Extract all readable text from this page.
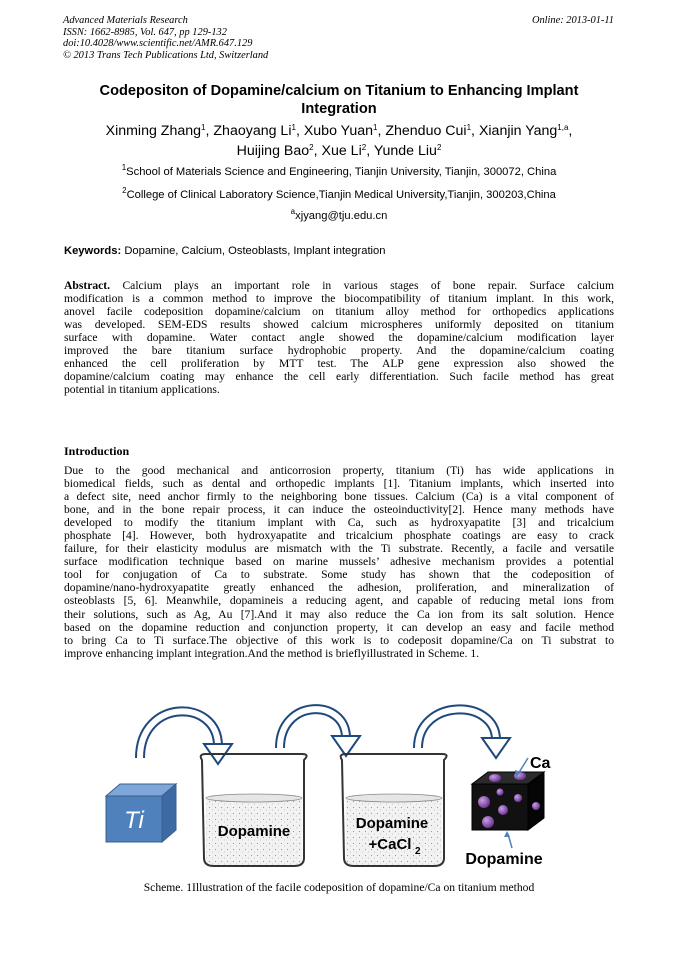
Advanced Materials Research
ISSN: 1662-8985, Vol. 647, pp 129-132
doi:10.4028/www.scientific.net/AMR.647.129
© 2013 Trans Tech Publications Ltd, Switzerland
Online: 2013-01-11
Codepositon of Dopamine/calcium on Titanium to Enhancing Implant
Integration
Xinming Zhang$^1$, Zhaoyang Li$^1$, Xubo Yuan$^1$, Zhenduo Cui$^1$, Xianjin Yang$^{1,a}$,
Huijing Bao$^2$, Xue Li$^2$, Yunde Liu$^2$
$^1$School of Materials Science and Engineering, Tianjin University, Tianjin, 300072, China
$^2$College of Clinical Laboratory Science,Tianjin Medical University,Tianjin, 300203,China
$^a$xjyang@tju.edu.cn
Keywords: Dopamine, Calcium, Osteoblasts, Implant integration
Abstract. Calcium plays an important role in various stages of bone repair. Surface calcium
modification is a common method to improve the biocompatibility of titanium implant. In this work,
anovel facile codeposition dopamine/calcium on titanium alloy method for orthopedics applications
was developed. SEM-EDS results showed calcium microspheres uniformly deposited on titanium
surface with dopamine. Water contact angle showed the dopamine/calcium modification layer
improved the bare titanium surface hydrophobic property. And the dopamine/calcium coating
enhanced the cell proliferation by MTT test. The ALP gene expression also showed the
dopamine/calcium coating may enhance the cell early differentiation. Such facile method has great
potential in titanium applications.
Introduction
Due to the good mechanical and anticorrosion property, titanium (Ti) has wide applications in
biomedical fields, such as dental and orthopedic implants [1]. Titanium implants, which inserted into
a defect site, need anchor firmly to the neighboring bone tissues. Calcium (Ca) is a vital component of
bone, and in the bone repair process, it can induce the osteoinductivity[2]. Hence many methods have
developed to modify the titanium implant with Ca, such as hydroxyapatite [3] and tricalcium
phosphate [4]. However, both hydroxyapatite and tricalcium phosphate coatings are easy to crack
failure, for their elasticity modulus are mismatch with the Ti substrate. Recently, a facile and versatile
surface modification technique based on marine mussels’ adhesive mechanism provides a potential
tool for conjugation of Ca to substrate. Some study has shown that the codeposition of
dopamine/nano-hydroxyapatite greatly enhanced the adhesion, proliferation, and mineralization of
osteoblasts [5, 6]. Meanwhile, dopamineis a reducing agent, and capable of reducing metal ions from
their solutions, such as Ag, Au [7].And it may also reduce the Ca ion from its salt solution. Hence
based on the dopamine reduction and conjunction property, it can develop an easy and facile method
to bring Ca to Ti surface.The objective of this work is to codeposit dopamine/Ca on Ti substrat to
improve enhancing implant integration.And the method is brieflyillustrated in Scheme. 1.
Ti	Dopamine	Dopamine
+CaCl 2
Ca
Dopamine
Scheme. 1Illustration of the facile codeposition of dopamine/Ca on titanium method
